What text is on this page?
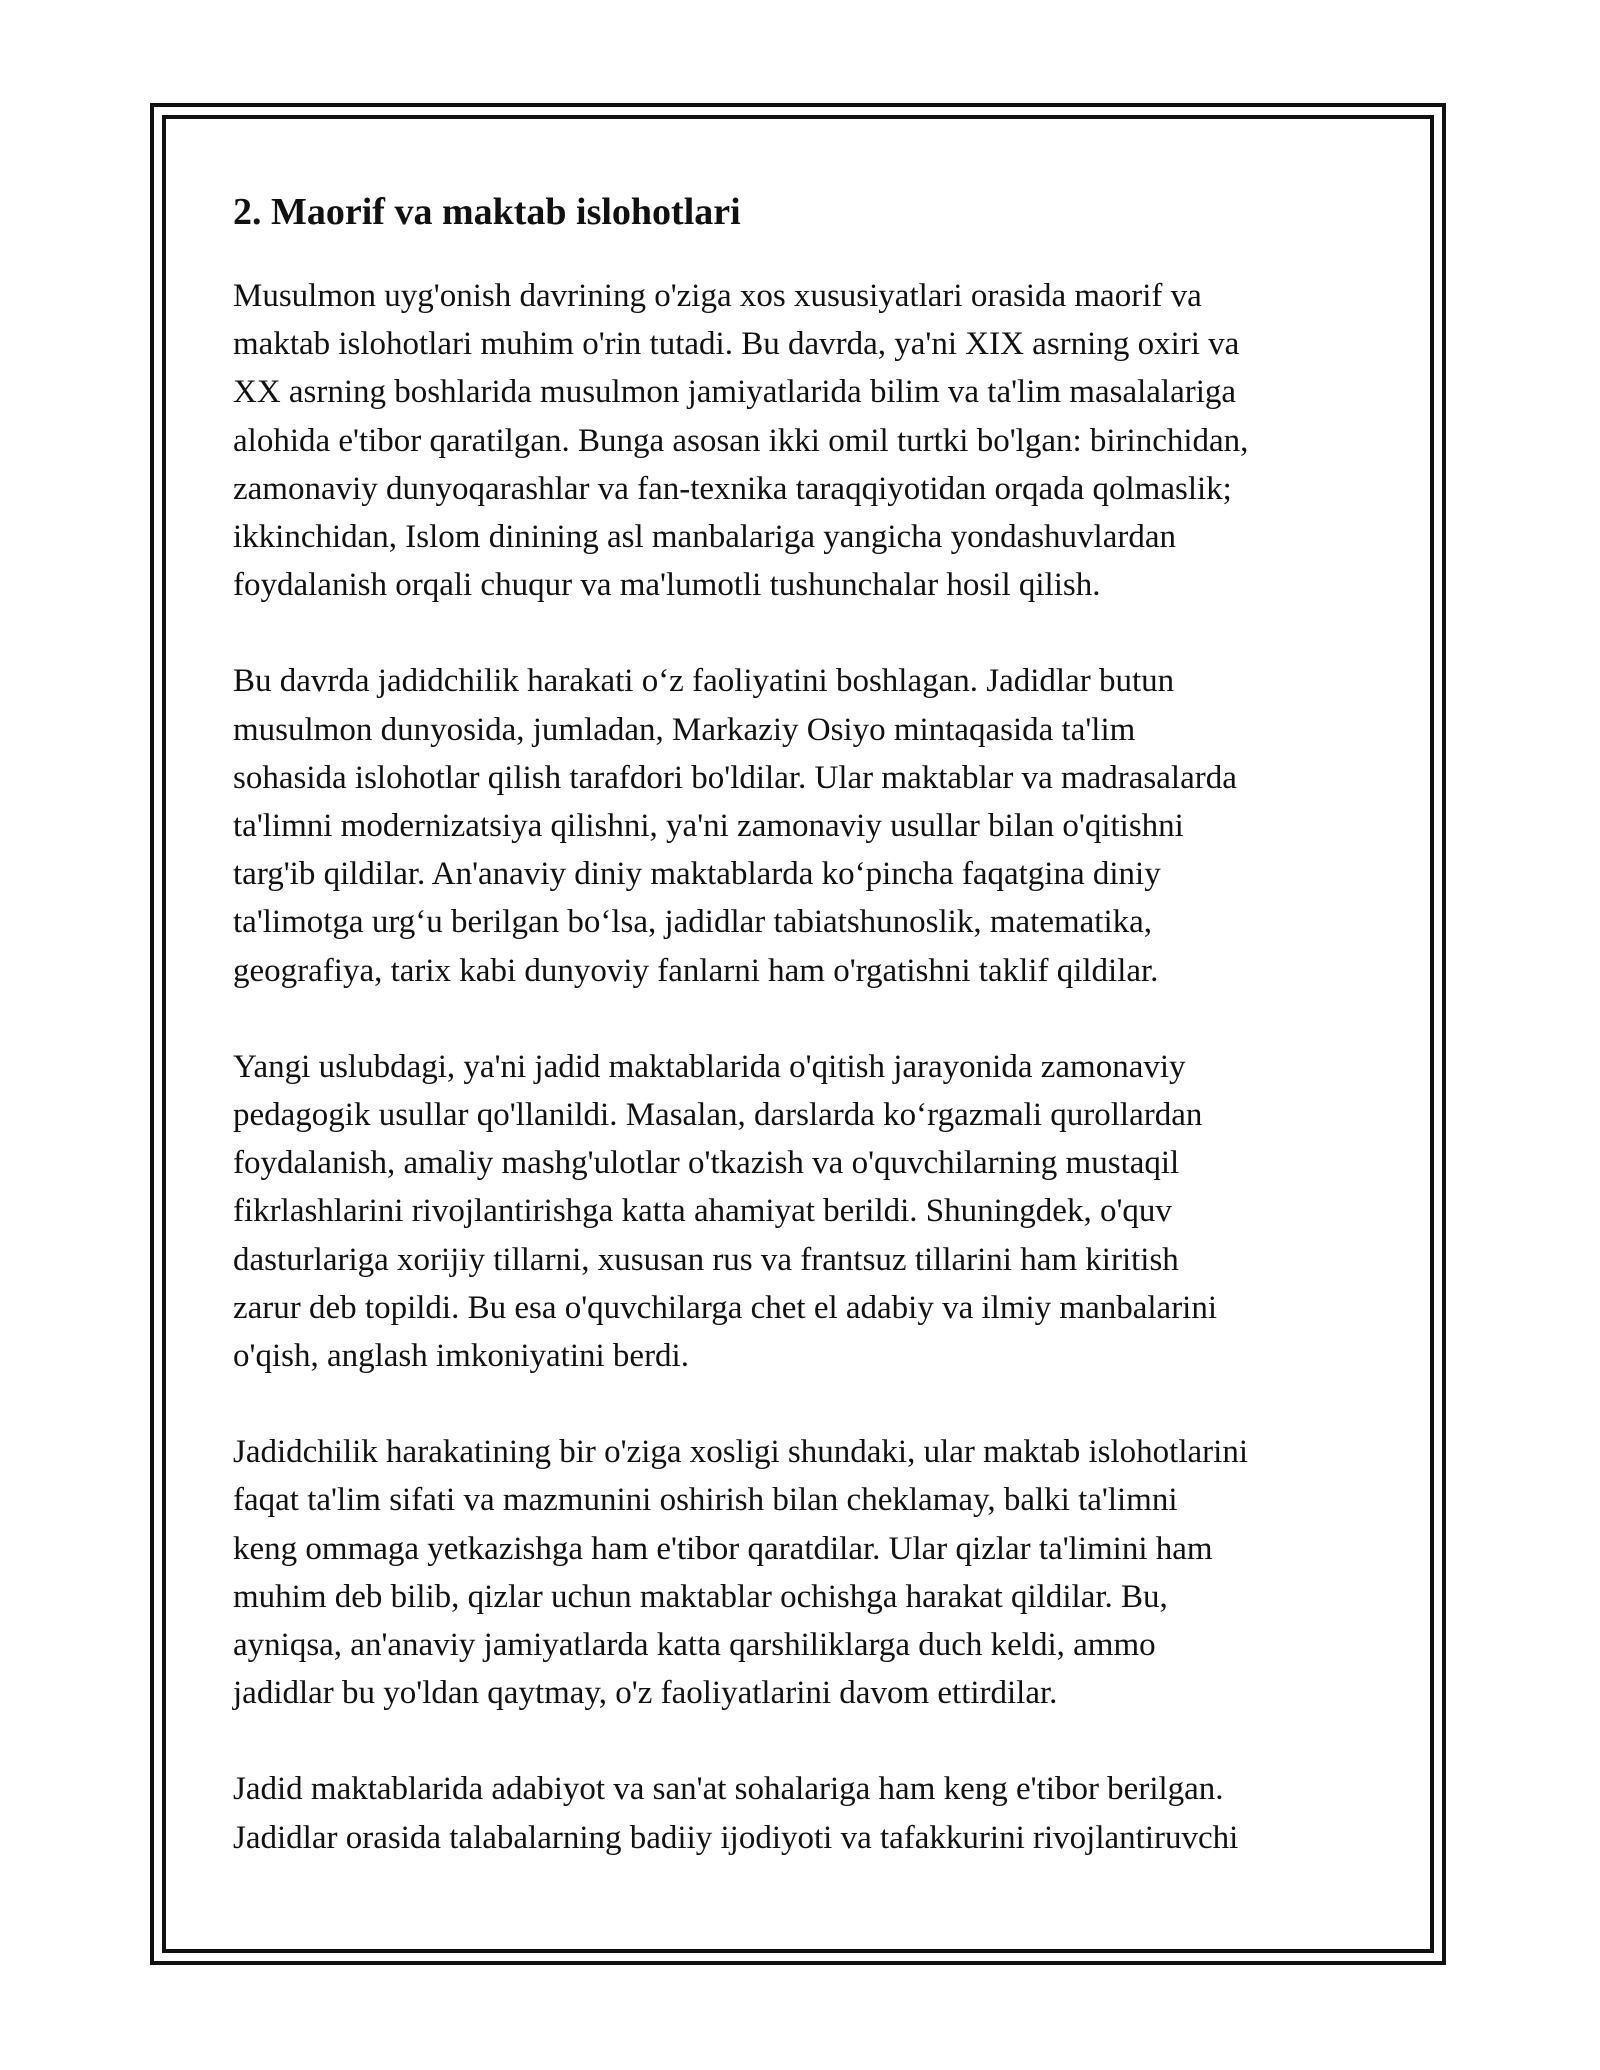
2. Maorif va maktab islohotlari

Musulmon uyg'onish davrining o'ziga xos xususiyatlari orasida maorif va
maktab islohotlari muhim o'rin tutadi. Bu davrda, ya'ni XIX asrning oxiri va
XX asrning boshlarida musulmon jamiyatlarida bilim va ta'lim masalalariga
alohida e'tibor qaratilgan. Bunga asosan ikki omil turtki bo'lgan: birinchidan,
zamonaviy dunyoqarashlar va fan-texnika taraqqiyotidan orqada qolmaslik;
ikkinchidan, Islom dinining asl manbalariga yangicha yondashuvlardan
foydalanish orqali chuqur va ma'lumotli tushunchalar hosil qilish.

Bu davrda jadidchilik harakati o‘z faoliyatini boshlagan. Jadidlar butun
musulmon dunyosida, jumladan, Markaziy Osiyo mintaqasida ta'lim
sohasida islohotlar qilish tarafdori bo'ldilar. Ular maktablar va madrasalarda
ta'limni modernizatsiya qilishni, ya'ni zamonaviy usullar bilan o'qitishni
targ'ib qildilar. An'anaviy diniy maktablarda ko‘pincha faqatgina diniy
ta'limotga urg‘u berilgan bo‘lsa, jadidlar tabiatshunoslik, matematika,
geografiya, tarix kabi dunyoviy fanlarni ham o'rgatishni taklif qildilar.

Yangi uslubdagi, ya'ni jadid maktablarida o'qitish jarayonida zamonaviy
pedagogik usullar qo'llanildi. Masalan, darslarda ko‘rgazmali qurollardan
foydalanish, amaliy mashg'ulotlar o'tkazish va o'quvchilarning mustaqil
fikrlashlarini rivojlantirishga katta ahamiyat berildi. Shuningdek, o'quv
dasturlariga xorijiy tillarni, xususan rus va frantsuz tillarini ham kiritish
zarur deb topildi. Bu esa o'quvchilarga chet el adabiy va ilmiy manbalarini
o'qish, anglash imkoniyatini berdi.

Jadidchilik harakatining bir o'ziga xosligi shundaki, ular maktab islohotlarini
faqat ta'lim sifati va mazmunini oshirish bilan cheklamay, balki ta'limni
keng ommaga yetkazishga ham e'tibor qaratdilar. Ular qizlar ta'limini ham
muhim deb bilib, qizlar uchun maktablar ochishga harakat qildilar. Bu,
ayniqsa, an'anaviy jamiyatlarda katta qarshiliklarga duch keldi, ammo
jadidlar bu yo'ldan qaytmay, o'z faoliyatlarini davom ettirdilar.

Jadid maktablarida adabiyot va san'at sohalariga ham keng e'tibor berilgan.
Jadidlar orasida talabalarning badiiy ijodiyoti va tafakkurini rivojlantiruvchi
